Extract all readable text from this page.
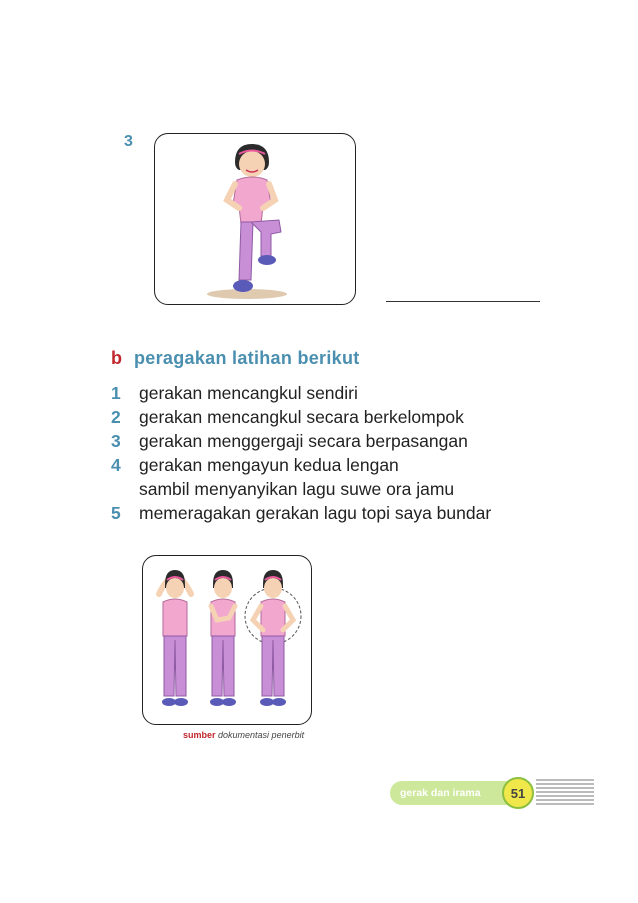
3
b peragakan latihan berikut
1	gerakan mencangkul sendiri
2	gerakan mencangkul secara berkelompok
3	gerakan menggergaji secara berpasangan
4	gerakan mengayun kedua lengan
sambil menyanyikan lagu suwe ora jamu
5	memeragakan gerakan lagu topi saya bundar
sumber dokumentasi penerbit
gerak dan irama	51
